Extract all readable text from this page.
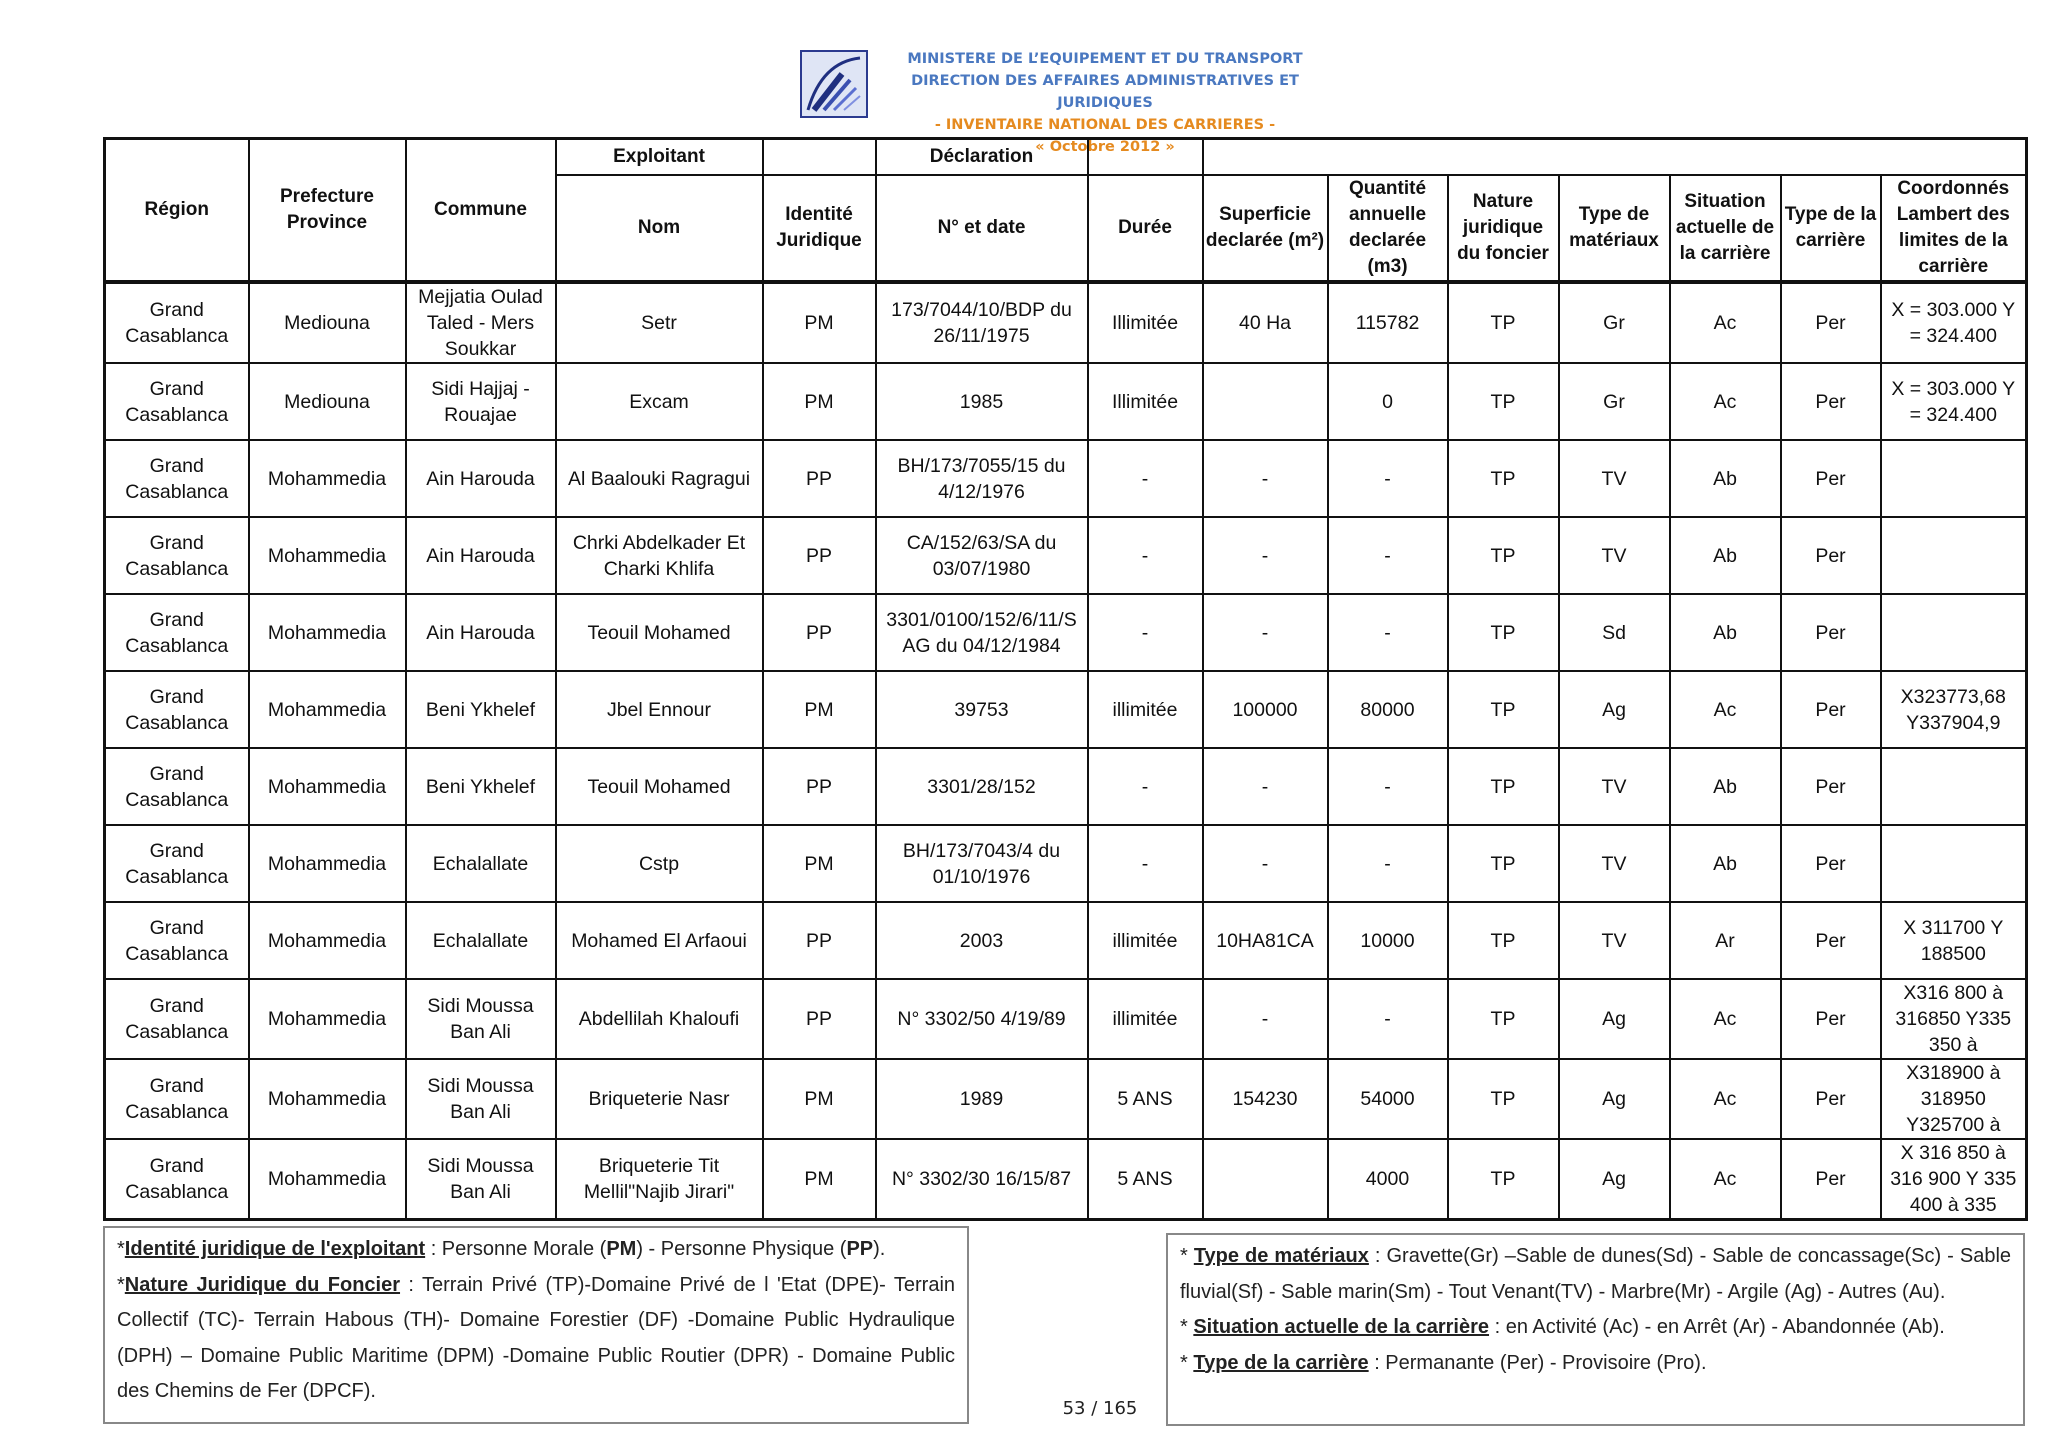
MINISTERE DE L’EQUIPEMENT ET DU TRANSPORT
DIRECTION DES AFFAIRES ADMINISTRATIVES ET JURIDIQUES
- INVENTAIRE NATIONAL DES CARRIERES -
« Octobre 2012 »
Région	Prefecture Province	Commune	Exploitant		Déclaration								
			Nom	Identité Juridique	N° et date	Durée	Superficie declarée (m²)	Quantité annuelle declarée (m3)	Nature juridique du foncier	Type de matériaux	Situation actuelle de la carrière	Type de la carrière	Coordonnés Lambert des limites de la carrière
Grand Casablanca	Mediouna	Mejjatia Oulad Taled - Mers Soukkar	Setr	PM	173/7044/10/BDP du 26/11/1975	Illimitée	40 Ha	115782	TP	Gr	Ac	Per	X = 303.000 Y = 324.400
Grand Casablanca	Mediouna	Sidi Hajjaj - Rouajae	Excam	PM	1985	Illimitée		0	TP	Gr	Ac	Per	X = 303.000 Y = 324.400
Grand Casablanca	Mohammedia	Ain Harouda	Al Baalouki Ragragui	PP	BH/173/7055/15 du 4/12/1976	-	-	-	TP	TV	Ab	Per	
Grand Casablanca	Mohammedia	Ain Harouda	Chrki Abdelkader Et Charki Khlifa	PP	CA/152/63/SA du 03/07/1980	-	-	-	TP	TV	Ab	Per	
Grand Casablanca	Mohammedia	Ain Harouda	Teouil Mohamed	PP	3301/0100/152/6/11/S AG du 04/12/1984	-	-	-	TP	Sd	Ab	Per	
Grand Casablanca	Mohammedia	Beni Ykhelef	Jbel Ennour	PM	39753	illimitée	100000	80000	TP	Ag	Ac	Per	X323773,68 Y337904,9
Grand Casablanca	Mohammedia	Beni Ykhelef	Teouil Mohamed	PP	3301/28/152	-	-	-	TP	TV	Ab	Per	
Grand Casablanca	Mohammedia	Echalallate	Cstp	PM	BH/173/7043/4 du 01/10/1976	-	-	-	TP	TV	Ab	Per	
Grand Casablanca	Mohammedia	Echalallate	Mohamed El Arfaoui	PP	2003	illimitée	10HA81CA	10000	TP	TV	Ar	Per	X 311700 Y 188500
Grand Casablanca	Mohammedia	Sidi Moussa Ban Ali	Abdellilah Khaloufi	PP	N° 3302/50 4/19/89	illimitée	-	-	TP	Ag	Ac	Per	X316 800 à 316850 Y335 350 à
Grand Casablanca	Mohammedia	Sidi Moussa Ban Ali	Briqueterie Nasr	PM	1989	5 ANS	154230	54000	TP	Ag	Ac	Per	X318900 à 318950 Y325700 à
Grand Casablanca	Mohammedia	Sidi Moussa Ban Ali	Briqueterie Tit Mellil"Najib Jirari"	PM	N° 3302/30 16/15/87	5 ANS		4000	TP	Ag	Ac	Per	X 316 850 à 316 900 Y 335 400 à 335

*Identité juridique de l'exploitant : Personne Morale (PM) - Personne Physique (PP).

*Nature Juridique du Foncier : Terrain Privé (TP)-Domaine Privé de l 'Etat (DPE)- Terrain Collectif (TC)- Terrain Habous (TH)- Domaine Forestier (DF) -Domaine Public Hydraulique (DPH) – Domaine Public Maritime (DPM) -Domaine Public Routier (DPR) - Domaine Public des Chemins de Fer (DPCF).

* Type de matériaux : Gravette(Gr) –Sable de dunes(Sd) - Sable de concassage(Sc) - Sable fluvial(Sf) - Sable marin(Sm) - Tout Venant(TV) - Marbre(Mr) - Argile (Ag) - Autres (Au).

* Situation actuelle de la carrière : en Activité (Ac) - en Arrêt (Ar) - Abandonnée (Ab).

* Type de la carrière : Permanante (Per) - Provisoire (Pro).

53 / 165
